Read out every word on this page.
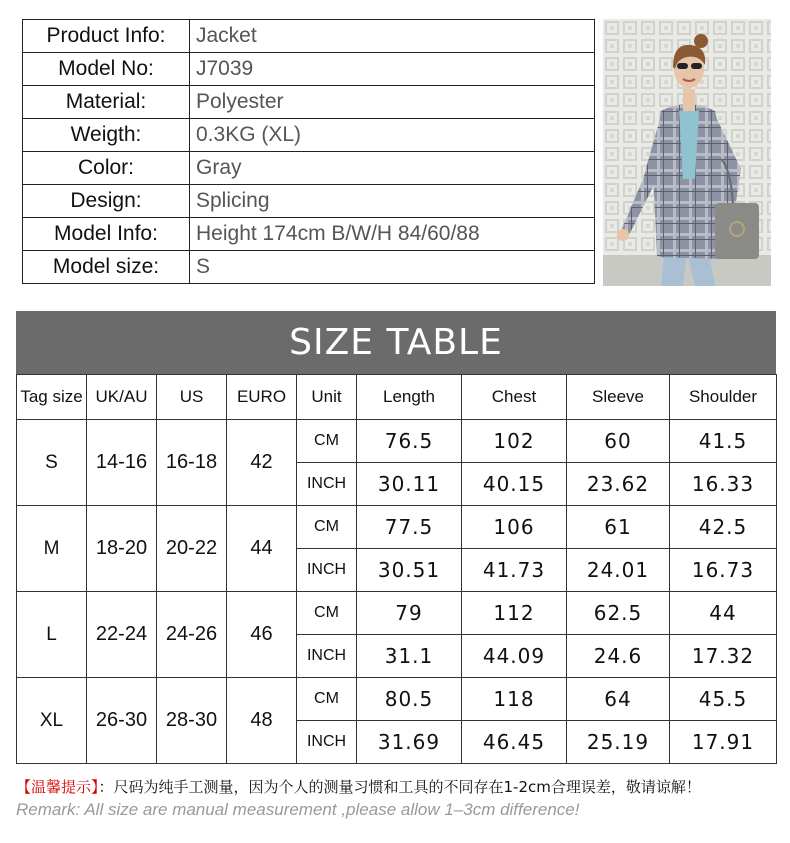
Product Info:	Jacket
Model No:	J7039
Material:	Polyester
Weigth:	0.3KG (XL)
Color:	Gray
Design:	Splicing
Model Info:	Height 174cm B/W/H 84/60/88
Model size:	S
SIZE TABLE
Tag size	UK/AU	US	EURO	Unit	Length	Chest	Sleeve	Shoulder
S	14-16	16-18	42	CM	76.5	102	60	41.5
				INCH	30.11	40.15	23.62	16.33
M	18-20	20-22	44	CM	77.5	106	61	42.5
				INCH	30.51	41.73	24.01	16.73
L	22-24	24-26	46	CM	79	112	62.5	44
				INCH	31.1	44.09	24.6	17.32
XL	26-30	28-30	48	CM	80.5	118	64	45.5
				INCH	31.69	46.45	25.19	17.91
【温馨提示】：尺码为纯手工测量，因为个人的测量习惯和工具的不同存在1-2cm合理误差，敬请谅解！
Remark: All size are manual measurement ,please allow 1–3cm difference!
